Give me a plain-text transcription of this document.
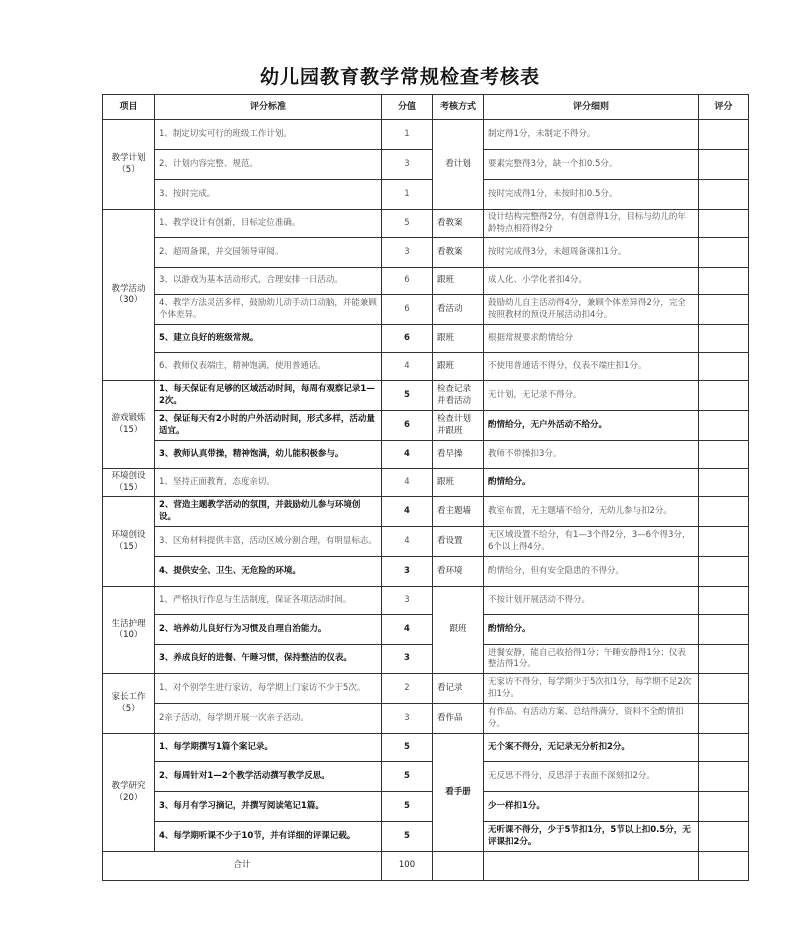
幼儿园教育教学常规检查考核表
项目	评分标准	分值	考核方式	评分细则	评分
教学计划（5）	1、制定切实可行的班级工作计划。	1	看计划	制定得1分，未制定不得分。	
	2、计划内容完整、规范。	3		要素完整得3分，缺一个扣0.5分。	
	3、按时完成。	1		按时完成得1分，未按时扣0.5分。	
教学活动（30）	1、教学设计有创新，目标定位准确。	5	看教案	设计结构完整得2分，有创意得1分，目标与幼儿的年龄特点相符得2分	
	2、超周备课，并交园领导审阅。	3	看教案	按时完成得3分，未超周备课扣1分。	
	3、以游戏为基本活动形式，合理安排一日活动。	6	跟班	成人化、小学化者扣4分。	
	4、教学方法灵活多样，鼓励幼儿动手动口动脑，并能兼顾个体差异。	6	看活动	鼓励幼儿自主活动得4分，兼顾个体差异得2分，完全按照教材的预设开展活动扣4分。	
	5、建立良好的班级常规。	6	跟班	根据常规要求酌情给分	
	6、教师仪表端庄，精神饱满，使用普通话。	4	跟班	不使用普通话不得分，仪表不端庄扣1分。	
游戏锻炼（15）	1、每天保证有足够的区域活动时间，每周有观察记录1—2次。	5	检查记录并看活动	无计划，无记录不得分。	
	2、保证每天有2小时的户外活动时间，形式多样，活动量适宜。	6	检查计划并跟班	酌情给分，无户外活动不给分。	
	3、教师认真带操，精神饱满，幼儿能积极参与。	4	看早操	教师不带操扣3分。	
环境创设（15）	1、坚持正面教育，态度亲切。	4	跟班	酌情给分。	
环境创设（15）	2、营造主题教学活动的氛围，并鼓励幼儿参与环境创设。	4	看主题墙	教室布置，无主题墙不给分，无幼儿参与扣2分。	
	3、区角材料提供丰富，活动区域分割合理，有明显标志。	4	看设置	无区域设置不给分，有1—3个得2分，3—6个得3分，6个以上得4分。	
	4、提供安全、卫生、无危险的环境。	3	看环境	酌情给分，但有安全隐患的不得分。	
生活护理（10）	1、严格执行作息与生活制度，保证各项活动时间。	3	跟班	不按计划开展活动不得分。	
	2、培养幼儿良好行为习惯及自理自治能力。	4		酌情给分。	
	3、养成良好的进餐、午睡习惯，保持整洁的仪表。	3		进餐安静，能自己收拾得1分；午睡安静得1分；仪表整洁得1分。	
家长工作（5）	1、对个别学生进行家访，每学期上门家访不少于5次。	2	看记录	无家访不得分，每学期少于5次扣1分，每学期不足2次扣1分。	
	2亲子活动，每学期开展一次亲子活动。	3	看作品	有作品、有活动方案、总结得满分，资料不全酌情扣分。	
教学研究（20）	1、每学期撰写1篇个案记录。	5	看手册	无个案不得分，无记录无分析扣2分。	
	2、每周针对1—2个教学活动撰写教学反思。	5		无反思不得分，反思浮于表面不深刻扣2分。	
	3、每月有学习摘记，并撰写阅读笔记1篇。	5		少一样扣1分。	
	4、每学期听课不少于10节，并有详细的评课记载。	5		无听课不得分，少于5节扣1分，5节以上扣0.5分，无评课扣2分。	
合计		100			
